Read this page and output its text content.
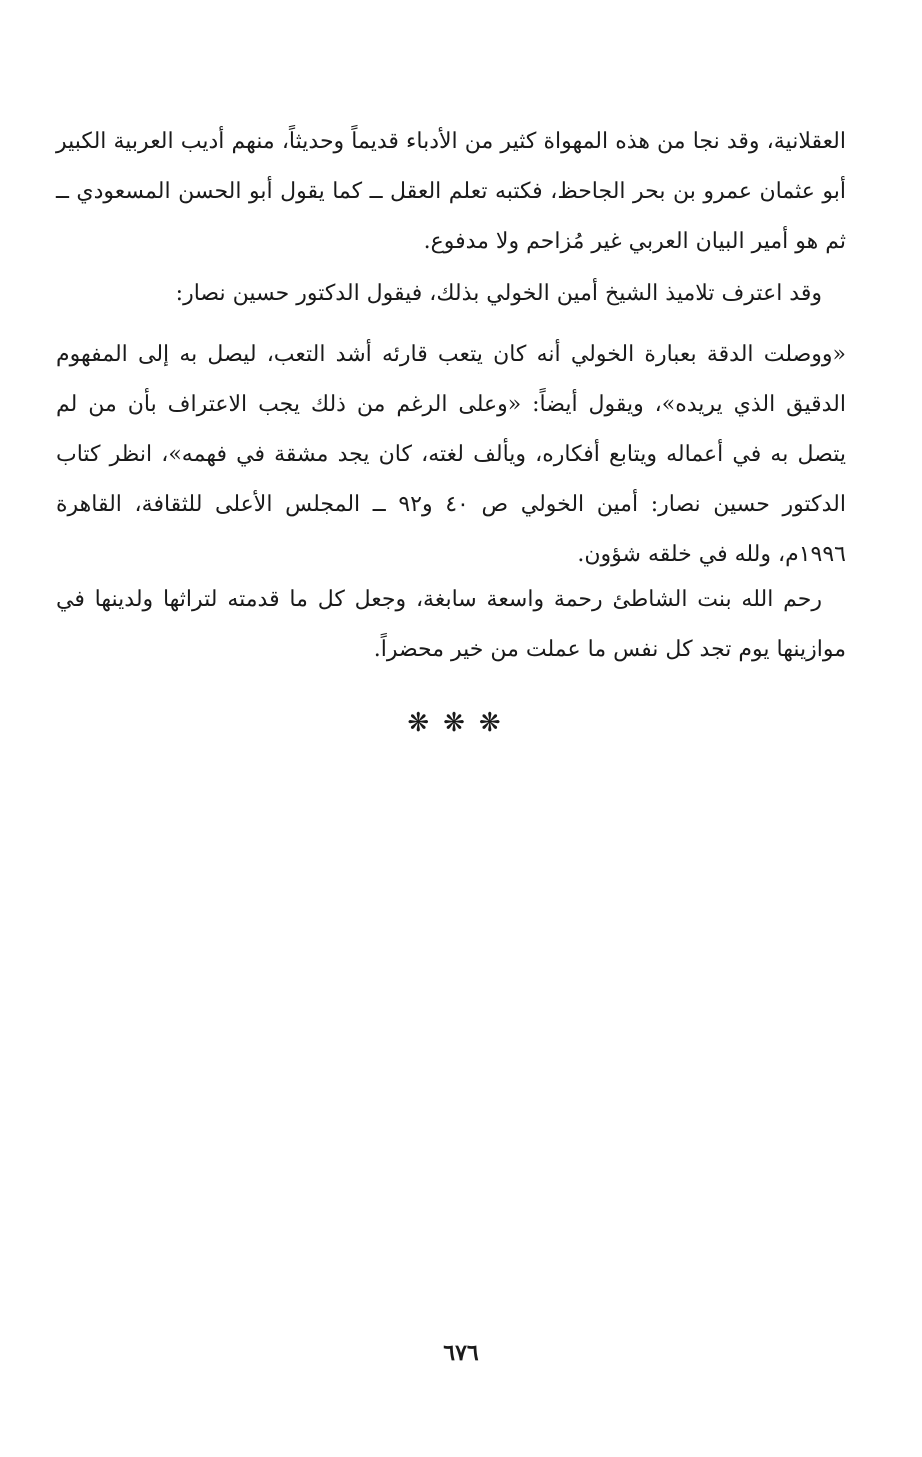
العقلانية، وقد نجا من هذه المهواة كثير من الأدباء قديماً وحديثاً، منهم أديب العربية الكبير أبو عثمان عمرو بن بحر الجاحظ، فكتبه تعلم العقل ــ كما يقول أبو الحسن المسعودي ــ ثم هو أمير البيان العربي غير مُزاحم ولا مدفوع.

وقد اعترف تلاميذ الشيخ أمين الخولي بذلك، فيقول الدكتور حسين نصار:

«ووصلت الدقة بعبارة الخولي أنه كان يتعب قارئه أشد التعب، ليصل به إلى المفهوم الدقيق الذي يريده»، ويقول أيضاً: «وعلى الرغم من ذلك يجب الاعتراف بأن من لم يتصل به في أعماله ويتابع أفكاره، ويألف لغته، كان يجد مشقة في فهمه»، انظر كتاب الدكتور حسين نصار: أمين الخولي ص ٤٠ و٩٢ ــ المجلس الأعلى للثقافة، القاهرة ١٩٩٦م، ولله في خلقه شؤون.

رحم الله بنت الشاطئ رحمة واسعة سابغة، وجعل كل ما قدمته لتراثها ولدينها في موازينها يوم تجد كل نفس ما عملت من خير محضراً.

❋❋❋
٦٧٦
